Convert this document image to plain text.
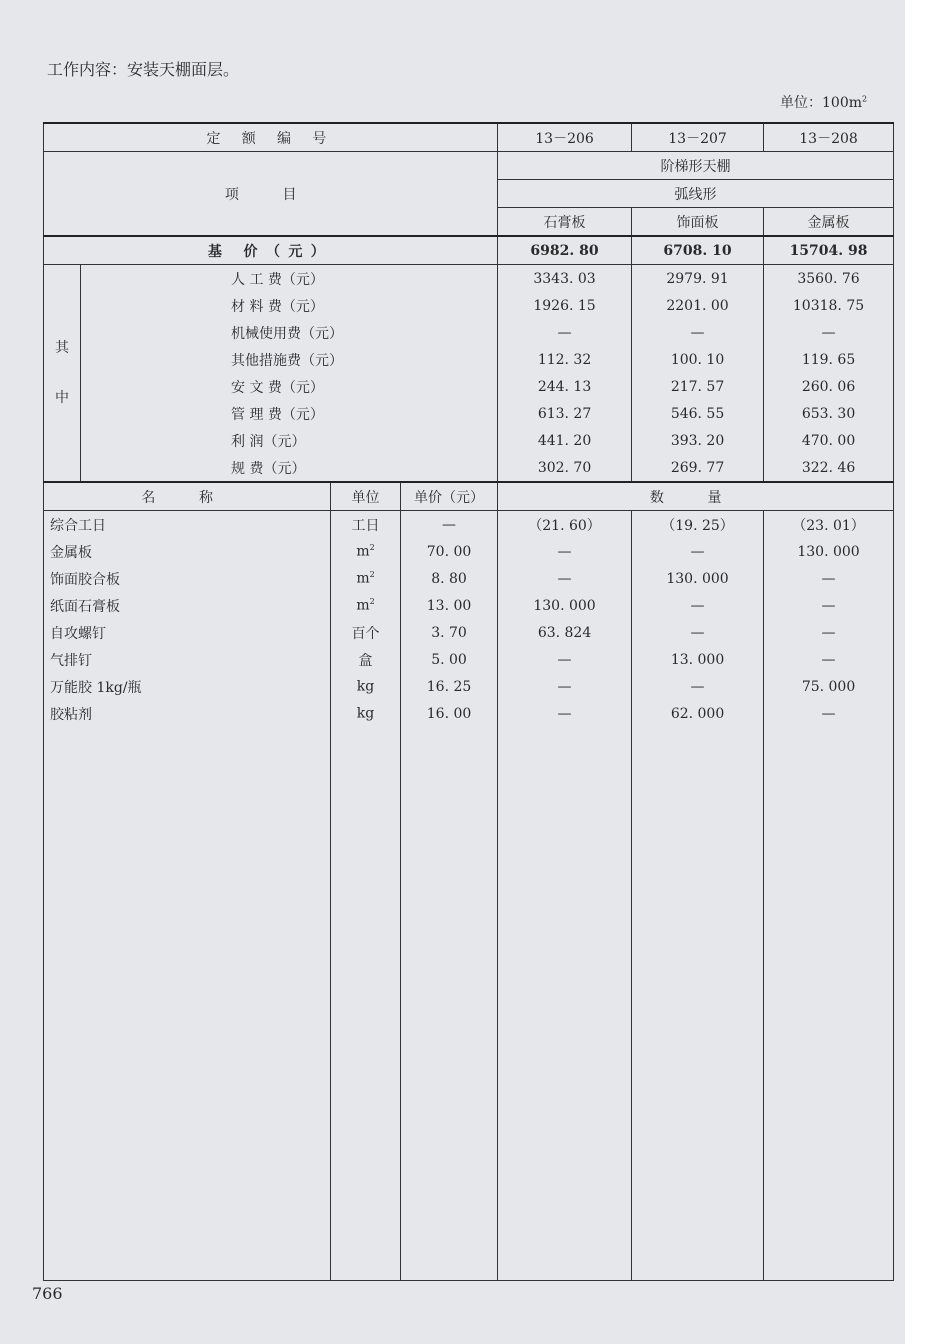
工作内容：安装天棚面层。
单位：$100m^2$
定 额 编 号				13－206	13－207	13－208
项 目				阶梯形天棚		
				弧线形		
				石膏板	饰面板	金属板
基 价（元）				6982. 80	6708. 10	15704. 98

其
中	人 工 费（元）			3343. 03	2979. 91	3560. 76
	材 料 费（元）			1926. 15	2201. 00	10318. 75
	机械使用费（元）			—	—	—
	其他措施费（元）			112. 32	100. 10	119. 65
	安 文 费（元）			244. 13	217. 57	260. 06
	管 理 费（元）			613. 27	546. 55	653. 30
	利 润（元）			441. 20	393. 20	470. 00
	规 费（元）			302. 70	269. 77	322. 46
名 称		单位	单价（元）	数 量		
综合工日		工日	—	（21. 60）	（19. 25）	（23. 01）
金属板		$m^2$	70. 00	—	—	130. 000
饰面胶合板		$m^2$	8. 80	—	130. 000	—
纸面石膏板		$m^2$	13. 00	130. 000	—	—
自攻螺钉		百个	3. 70	63. 824	—	—
气排钉		盒	5. 00	—	13. 000	—
万能胶 1kg/瓶		kg	16. 25	—	—	75. 000
胶粘剂		kg	16. 00	—	62. 000	—

766
